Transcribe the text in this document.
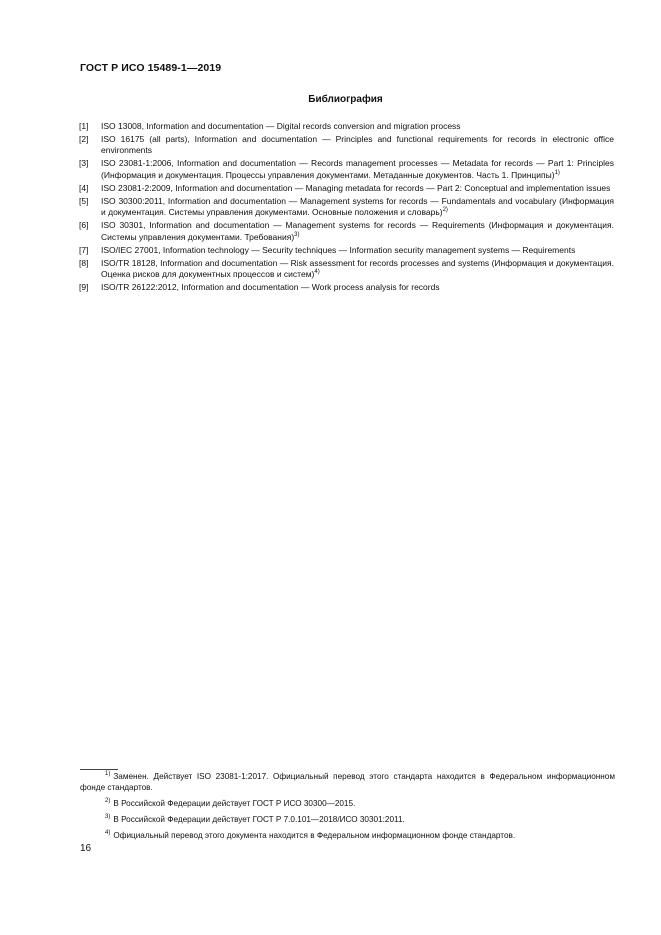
ГОСТ Р ИСО 15489-1—2019
Библиография
[1]	ISO 13008, Information and documentation — Digital records conversion and migration process
[2]	ISO 16175 (all parts), Information and documentation — Principles and functional requirements for records in electronic office environments
[3]	ISO 23081-1:2006, Information and documentation — Records management processes — Metadata for records — Part 1: Principles (Информация и документация. Процессы управления документами. Метаданные документов. Часть 1. Принципы)$^{1)}$
[4]	ISO 23081-2:2009, Information and documentation — Managing metadata for records — Part 2: Conceptual and implementation issues
[5]	ISO 30300:2011, Information and documentation — Management systems for records — Fundamentals and vocabulary (Информация и документация. Системы управления документами. Основные положения и словарь)$^{2)}$
[6]	ISO 30301, Information and documentation — Management systems for records — Requirements (Информация и документация. Системы управления документами. Требования)$^{3)}$
[7]	ISO/IEC 27001, Information technology — Security techniques — Information security management systems — Requirements
[8]	ISO/TR 18128, Information and documentation — Risk assessment for records processes and systems (Информация и документация. Оценка рисков для документных процессов и систем)$^{4)}$
[9]	ISO/TR 26122:2012, Information and documentation — Work process analysis for records
$^{1)}$ Заменен. Действует ISO 23081-1:2017. Официальный перевод этого стандарта находится в Федеральном информационном фонде стандартов.
$^{2)}$ В Российской Федерации действует ГОСТ Р ИСО 30300—2015.
$^{3)}$ В Российской Федерации действует ГОСТ Р 7.0.101—2018/ИСО 30301:2011.
$^{4)}$ Официальный перевод этого документа находится в Федеральном информационном фонде стандартов.
16
